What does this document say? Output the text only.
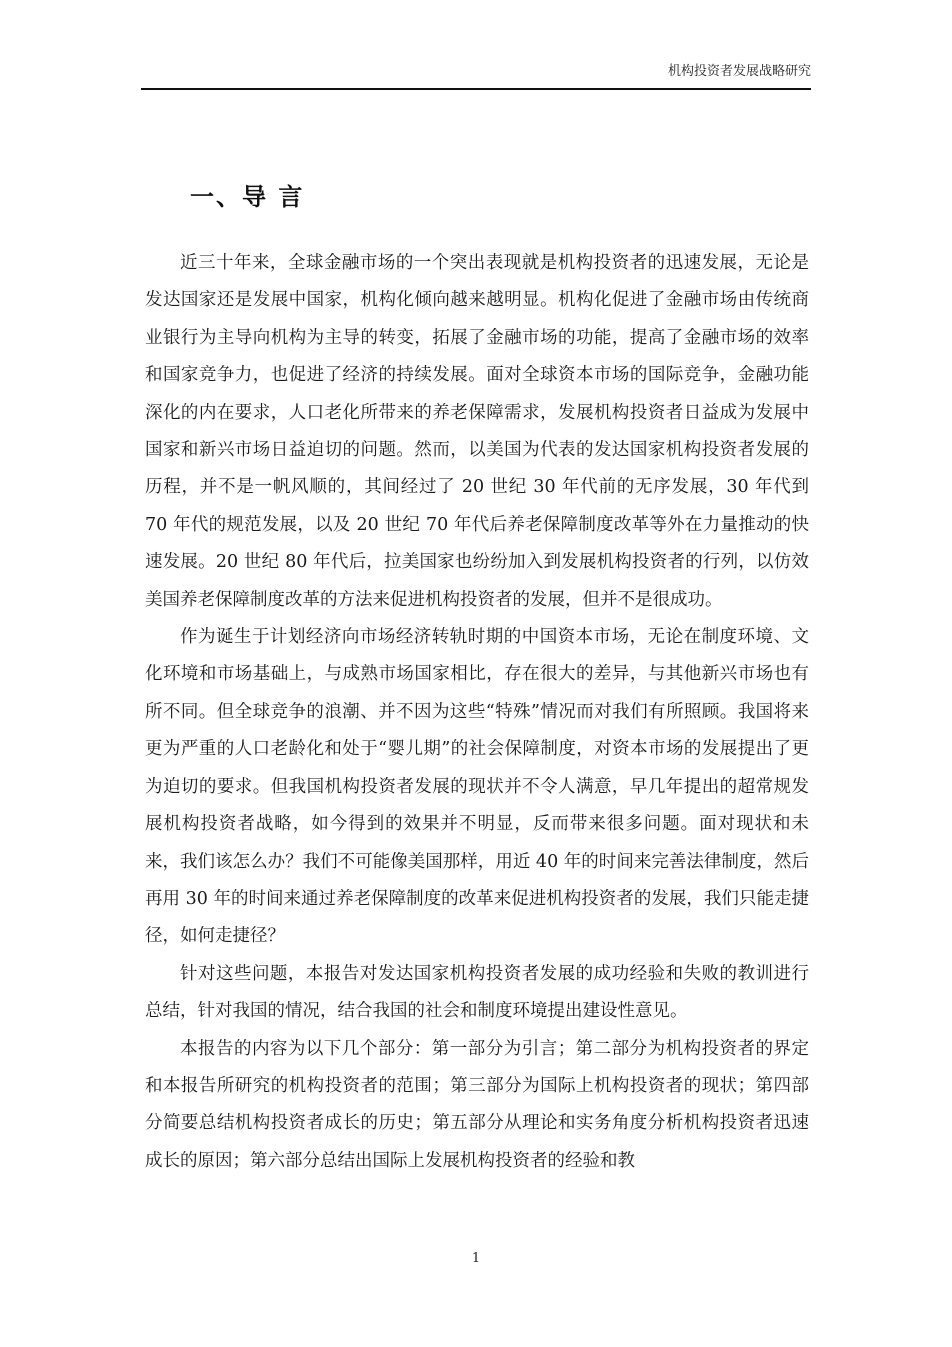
机构投资者发展战略研究
一、导 言

近三十年来，全球金融市场的一个突出表现就是机构投资者的迅速发展，无论是发达国家还是发展中国家，机构化倾向越来越明显。机构化促进了金融市场由传统商业银行为主导向机构为主导的转变，拓展了金融市场的功能，提高了金融市场的效率和国家竞争力，也促进了经济的持续发展。面对全球资本市场的国际竞争，金融功能深化的内在要求，人口老化所带来的养老保障需求，发展机构投资者日益成为发展中国家和新兴市场日益迫切的问题。然而，以美国为代表的发达国家机构投资者发展的历程，并不是一帆风顺的，其间经过了 20 世纪 30 年代前的无序发展，30 年代到 70 年代的规范发展，以及 20 世纪 70 年代后养老保障制度改革等外在力量推动的快速发展。20 世纪 80 年代后，拉美国家也纷纷加入到发展机构投资者的行列，以仿效美国养老保障制度改革的方法来促进机构投资者的发展，但并不是很成功。

作为诞生于计划经济向市场经济转轨时期的中国资本市场，无论在制度环境、文化环境和市场基础上，与成熟市场国家相比，存在很大的差异，与其他新兴市场也有所不同。但全球竞争的浪潮、并不因为这些“特殊”情况而对我们有所照顾。我国将来更为严重的人口老龄化和处于“婴儿期”的社会保障制度，对资本市场的发展提出了更为迫切的要求。但我国机构投资者发展的现状并不令人满意，早几年提出的超常规发展机构投资者战略，如今得到的效果并不明显，反而带来很多问题。面对现状和未来，我们该怎么办？我们不可能像美国那样，用近 40 年的时间来完善法律制度，然后再用 30 年的时间来通过养老保障制度的改革来促进机构投资者的发展，我们只能走捷径，如何走捷径？

针对这些问题，本报告对发达国家机构投资者发展的成功经验和失败的教训进行总结，针对我国的情况，结合我国的社会和制度环境提出建设性意见。

本报告的内容为以下几个部分：第一部分为引言；第二部分为机构投资者的界定和本报告所研究的机构投资者的范围；第三部分为国际上机构投资者的现状；第四部分简要总结机构投资者成长的历史；第五部分从理论和实务角度分析机构投资者迅速成长的原因；第六部分总结出国际上发展机构投资者的经验和教

1
